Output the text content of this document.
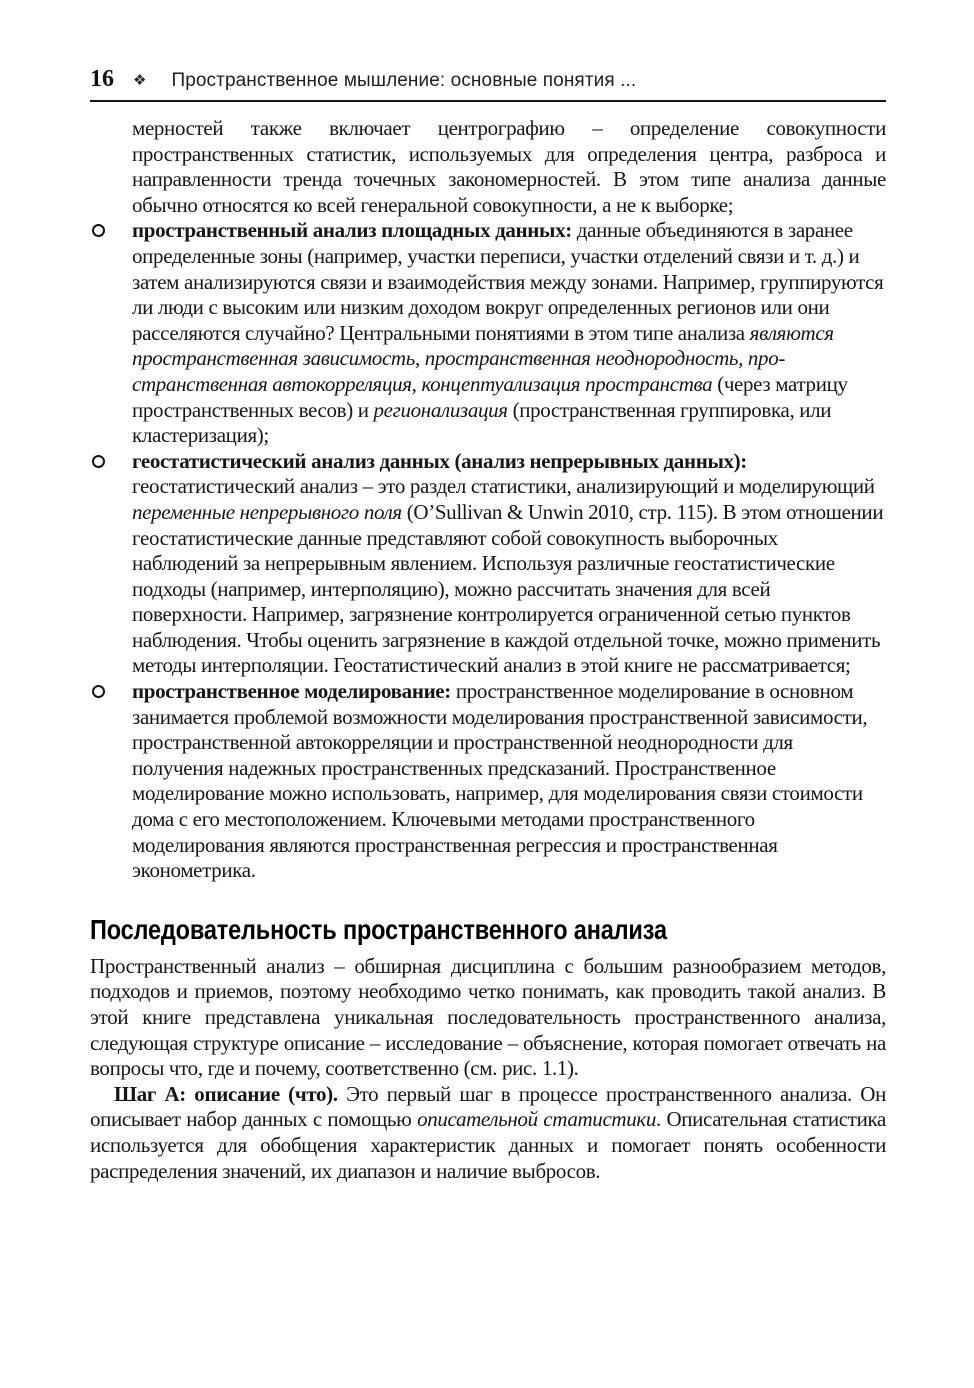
16 ❖ Пространственное мышление: основные понятия ...

мерностей также включает центрографию – определение совокупности пространственных статистик, используемых для определения центра, разброса и направленности тренда точечных закономерностей. В этом типе анализа данные обычно относятся ко всей генеральной совокупности, а не к выборке;

пространственный анализ площадных данных: данные объединяются в заранее определенные зоны (например, участки переписи, участки отделений связи и т. д.) и затем анализируются связи и взаимодействия между зонами. Например, группируются ли люди с высоким или низким доходом вокруг определенных регионов или они расселяются случайно? Центральными понятиями в этом типе анализа являются пространственная зависимость, пространственная неоднородность, пространственная автокорреляция, концептуализация пространства (через матрицу пространственных весов) и регионализация (пространственная группировка, или кластеризация);
геостатистический анализ данных (анализ непрерывных данных): геостатистический анализ – это раздел статистики, анализирующий и моделирующий переменные непрерывного поля (O’Sullivan & Unwin 2010, стр. 115). В этом отношении геостатистические данные представляют собой совокупность выборочных наблюдений за непрерывным явлением. Используя различные геостатистические подходы (например, интерполяцию), можно рассчитать значения для всей поверхности. Например, загрязнение контролируется ограниченной сетью пунктов наблюдения. Чтобы оценить загрязнение в каждой отдельной точке, можно применить методы интерполяции. Геостатистический анализ в этой книге не рассматривается;
пространственное моделирование: пространственное моделирование в основном занимается проблемой возможности моделирования пространственной зависимости, пространственной автокорреляции и пространственной неоднородности для получения надежных пространственных предсказаний. Пространственное моделирование можно использовать, например, для моделирования связи стоимости дома с его местоположением. Ключевыми методами пространственного моделирования являются пространственная регрессия и пространственная эконометрика.
Последовательность пространственного анализа

Пространственный анализ – обширная дисциплина с большим разнообразием методов, подходов и приемов, поэтому необходимо четко понимать, как проводить такой анализ. В этой книге представлена уникальная последовательность пространственного анализа, следующая структуре описание – исследование – объяснение, которая помогает отвечать на вопросы что, где и почему, соответственно (см. рис. 1.1).

Шаг А: описание (что). Это первый шаг в процессе пространственного анализа. Он описывает набор данных с помощью описательной статистики. Описательная статистика используется для обобщения характеристик данных и помогает понять особенности распределения значений, их диапазон и наличие выбросов.
